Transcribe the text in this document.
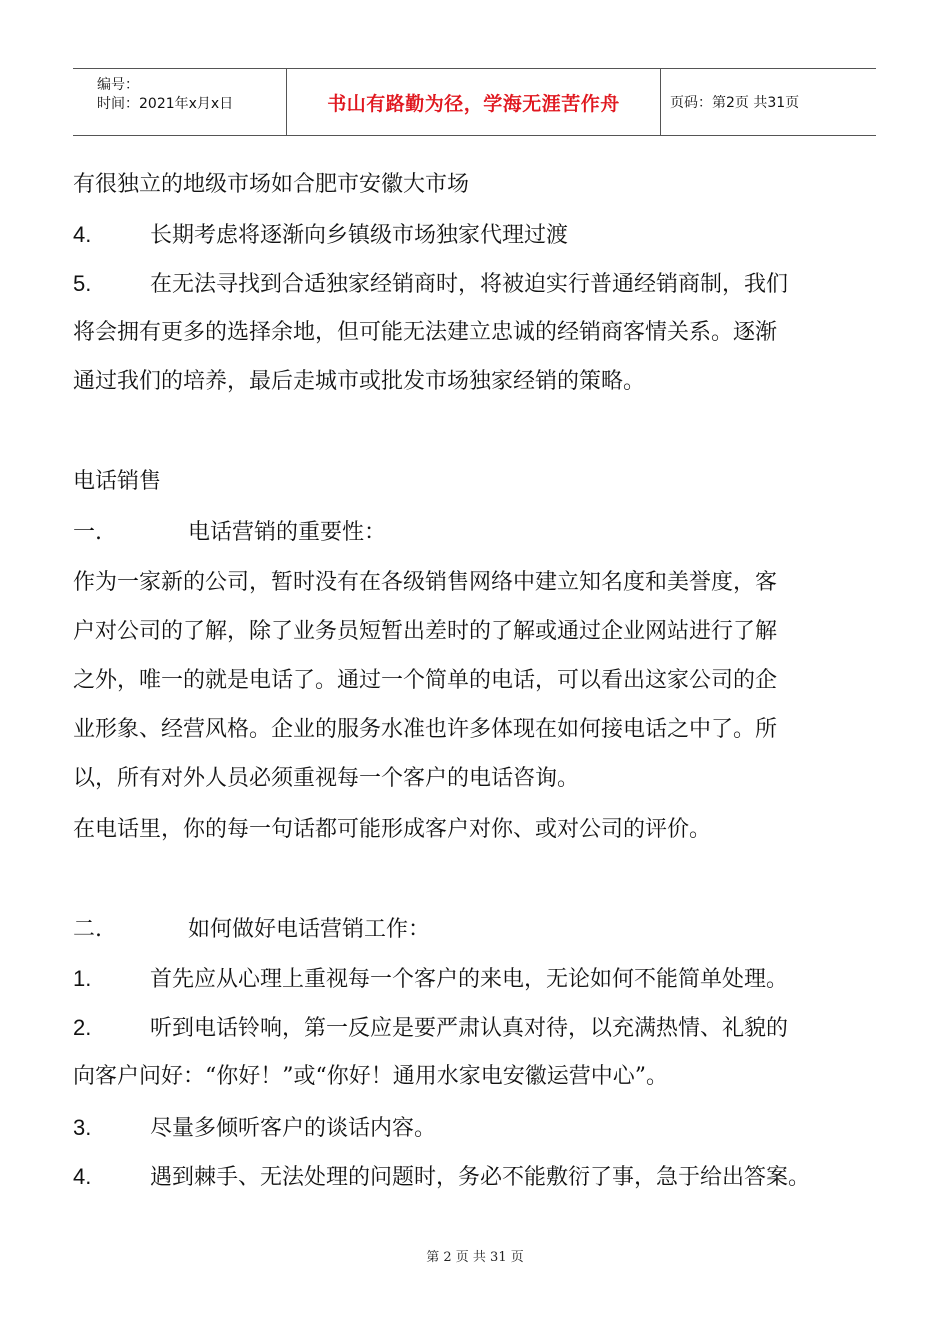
编号：
时间：2021年x月x日	书山有路勤为径，学海无涯苦作舟	页码：第2页 共31页
有很独立的地级市场如合肥市安徽大市场
4.	长期考虑将逐渐向乡镇级市场独家代理过渡
5.	在无法寻找到合适独家经销商时，将被迫实行普通经销商制，我们
将会拥有更多的选择余地，但可能无法建立忠诚的经销商客情关系。逐渐
通过我们的培养，最后走城市或批发市场独家经销的策略。
电话销售
一.	电话营销的重要性：
作为一家新的公司，暂时没有在各级销售网络中建立知名度和美誉度，客
户对公司的了解，除了业务员短暂出差时的了解或通过企业网站进行了解
之外，唯一的就是电话了。通过一个简单的电话，可以看出这家公司的企
业形象、经营风格。企业的服务水准也许多体现在如何接电话之中了。所
以，所有对外人员必须重视每一个客户的电话咨询。
在电话里，你的每一句话都可能形成客户对你、或对公司的评价。
二.	如何做好电话营销工作：
1.	首先应从心理上重视每一个客户的来电，无论如何不能简单处理。
2.	听到电话铃响，第一反应是要严肃认真对待，以充满热情、礼貌的
向客户问好：“你好！”或“你好！通用水家电安徽运营中心”。
3.	尽量多倾听客户的谈话内容。
4.	遇到棘手、无法处理的问题时，务必不能敷衍了事，急于给出答案。
第 2 页 共 31 页
